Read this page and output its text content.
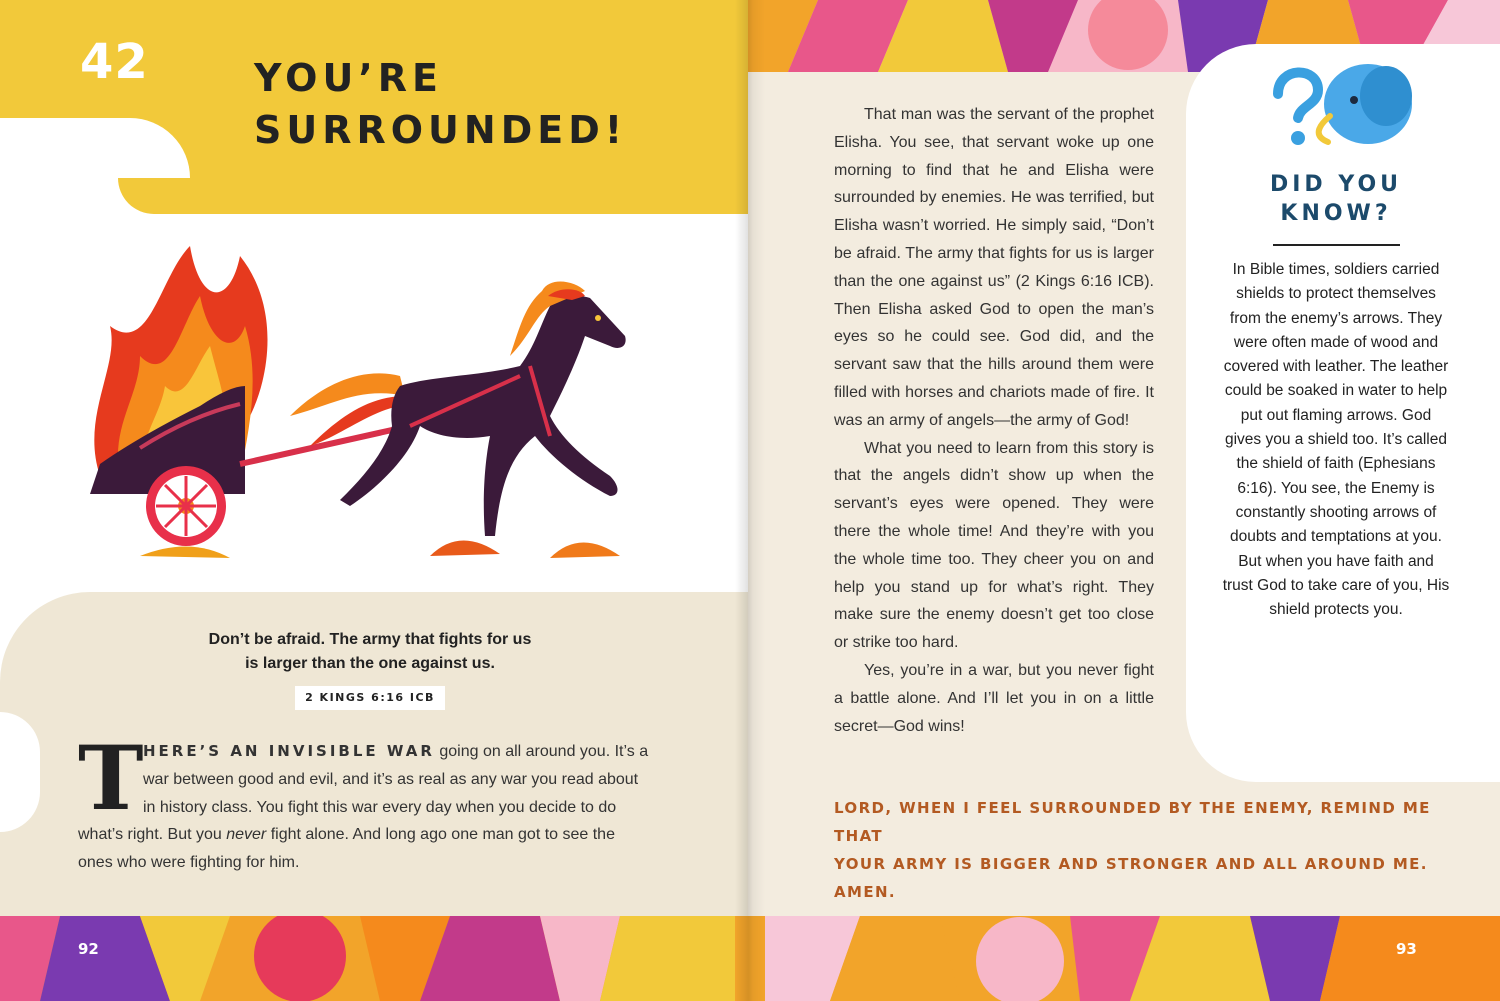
42	YOU’RE
SURROUNDED!
Don’t be afraid. The army that fights for us
is larger than the one against us.
2 KINGS 6:16 ICB
T HERE’S AN INVISIBLE WAR going on all around you. It’s a
war between good and evil, and it’s as real as any war you read about
in history class. You fight this war every day when you decide to do
what’s right. But you never fight alone. And long ago one man got to see the
ones who were fighting for him.

That man was the servant of the prophet Elisha. You see, that servant woke up one morning to find that he and Elisha were surrounded by enemies. He was terrified, but Elisha wasn’t worried. He simply said, “Don’t be afraid. The army that fights for us is larger than the one against us” (2 Kings 6:16 ICB). Then Elisha asked God to open the man’s eyes so he could see. God did, and the servant saw that the hills around them were filled with horses and chariots made of fire. It was an army of angels—the army of God!

What you need to learn from this story is that the angels didn’t show up when the servant’s eyes were opened. They were there the whole time! And they’re with you the whole time too. They cheer you on and help you stand up for what’s right. They make sure the enemy doesn’t get too close or strike too hard.

Yes, you’re in a war, but you never fight a battle alone. And I’ll let you in on a little secret—God wins!

DID YOU
KNOW?
In Bible times, soldiers carried shields to protect themselves from the enemy’s arrows. They were often made of wood and covered with leather. The leather could be soaked in water to help put out flaming arrows. God gives you a shield too. It’s called the shield of faith (Ephesians 6:16). You see, the Enemy is constantly shooting arrows of doubts and temptations at you. But when you have faith and trust God to take care of you, His shield protects you.
LORD, WHEN I FEEL SURROUNDED BY THE ENEMY, REMIND ME THAT
YOUR ARMY IS BIGGER AND STRONGER AND ALL AROUND ME. AMEN.
92	93
